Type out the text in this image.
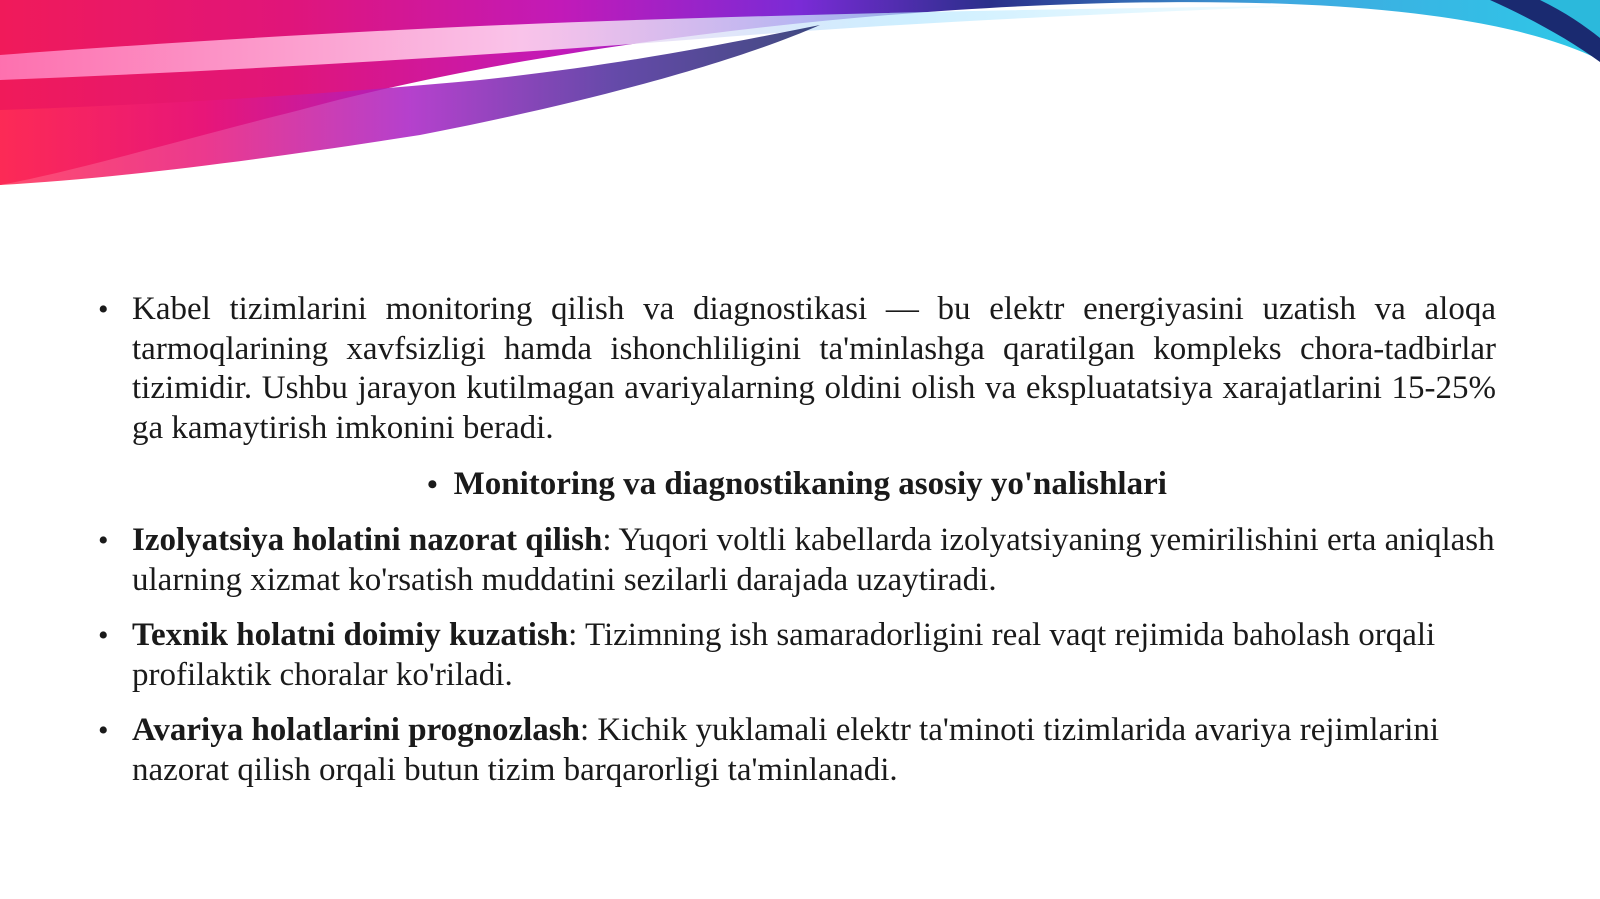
• Kabel tizimlarini monitoring qilish va diagnostikasi — bu elektr energiyasini uzatish va aloqa tarmoqlarining xavfsizligi hamda ishonchliligini ta'minlashga qaratilgan kompleks chora-tadbirlar tizimidir. Ushbu jarayon kutilmagan avariyalarning oldini olish va ekspluatatsiya xarajatlarini 15-25% ga kamaytirish imkonini beradi.
• Monitoring va diagnostikaning asosiy yo'nalishlari
• Izolyatsiya holatini nazorat qilish: Yuqori voltli kabellarda izolyatsiyaning yemirilishini erta aniqlash ularning xizmat ko'rsatish muddatini sezilarli darajada uzaytiradi.
• Texnik holatni doimiy kuzatish: Tizimning ish samaradorligini real vaqt rejimida baholash orqali profilaktik choralar ko'riladi.
• Avariya holatlarini prognozlash: Kichik yuklamali elektr ta'minoti tizimlarida avariya rejimlarini nazorat qilish orqali butun tizim barqarorligi ta'minlanadi.
